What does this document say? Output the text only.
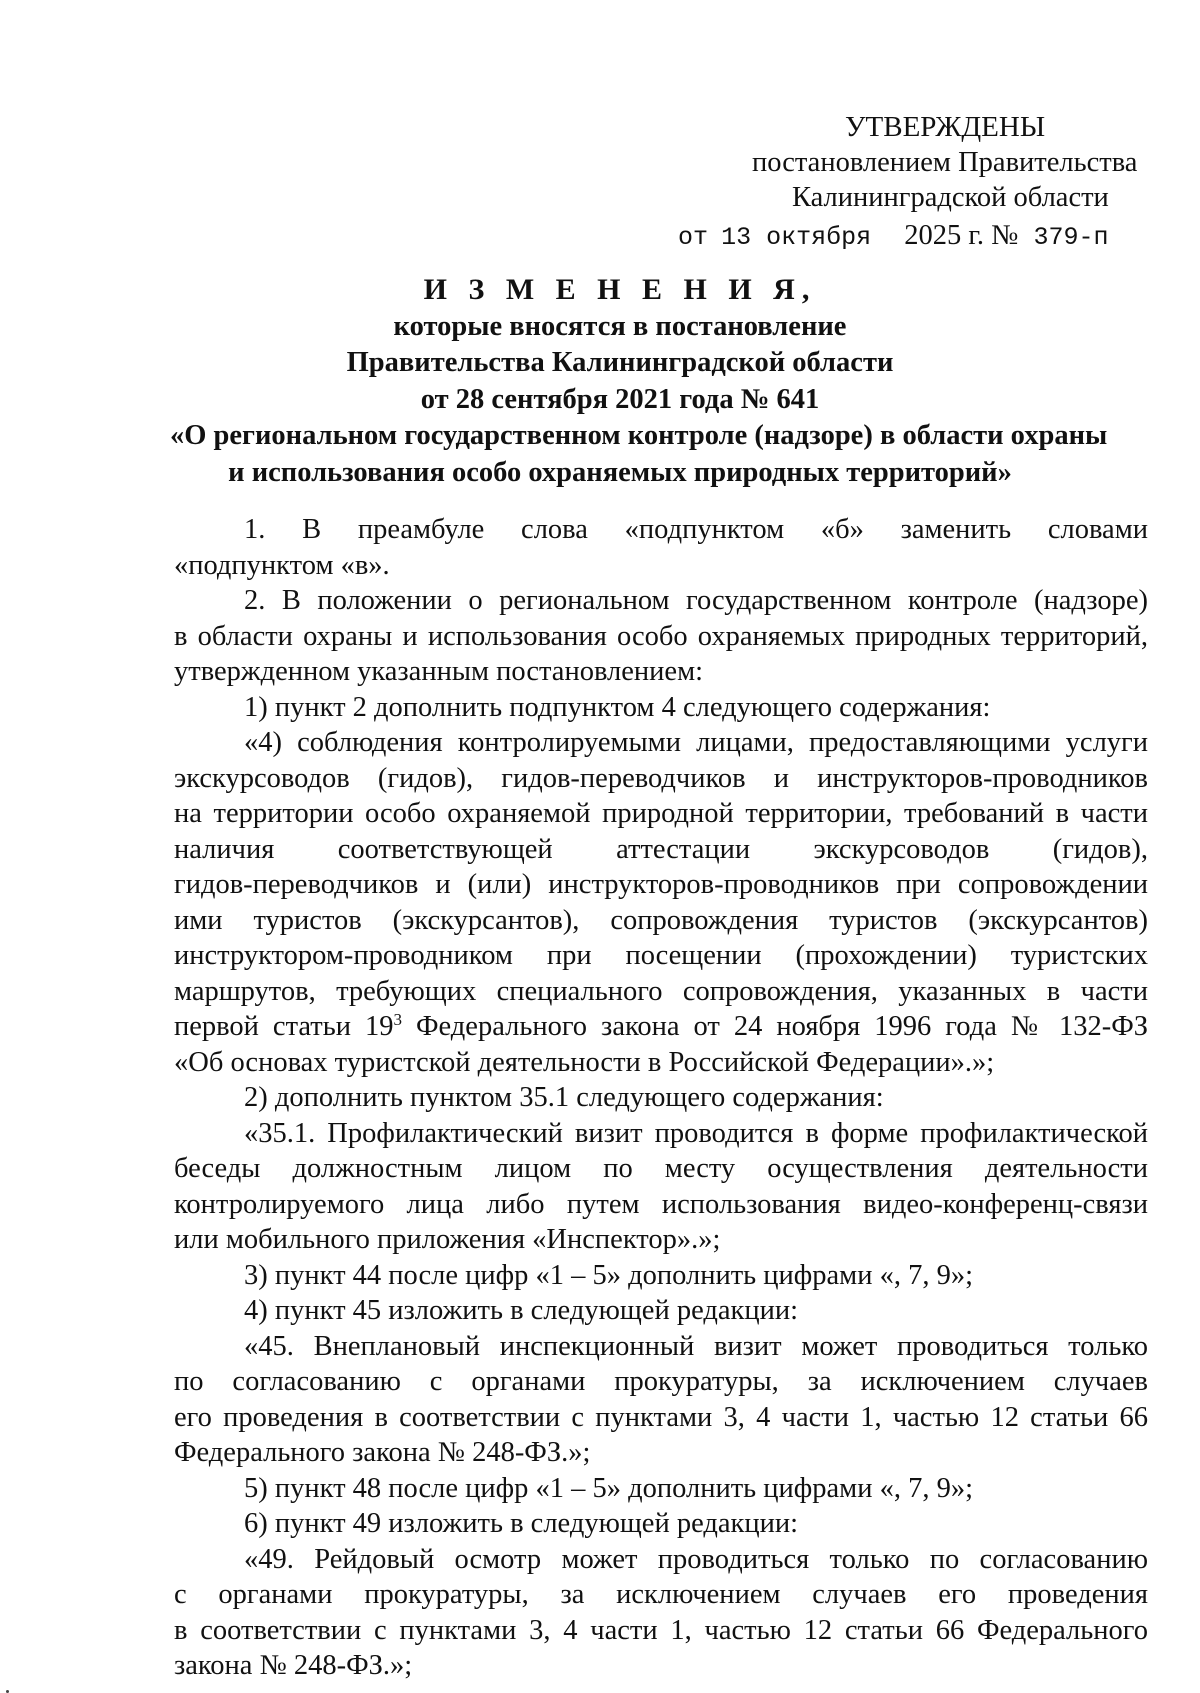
УТВЕРЖДЕНЫ
постановлением Правительства
Калининградской области
от 13 октября 2025 г. № 379-п
И З М Е Н Е Н И Я,
которые вносятся в постановление
Правительства Калининградской области
от 28 сентября 2021 года № 641
«О региональном государственном контроле (надзоре) в области охраны
и использования особо охраняемых природных территорий»
1. В преамбуле слова «подпунктом «б» заменить словами
«подпунктом «в».
2. В положении о региональном государственном контроле (надзоре)
в области охраны и использования особо охраняемых природных территорий,
утвержденном указанным постановлением:
1) пункт 2 дополнить подпунктом 4 следующего содержания:
«4) соблюдения контролируемыми лицами, предоставляющими услуги
экскурсоводов (гидов), гидов-переводчиков и инструкторов-проводников
на территории особо охраняемой природной территории, требований в части
наличия соответствующей аттестации экскурсоводов (гидов),
гидов-переводчиков и (или) инструкторов-проводников при сопровождении
ими туристов (экскурсантов), сопровождения туристов (экскурсантов)
инструктором-проводником при посещении (прохождении) туристских
маршрутов, требующих специального сопровождения, указанных в части
первой статьи $19^3$ Федерального закона от 24 ноября 1996 года № 132-ФЗ
«Об основах туристской деятельности в Российской Федерации».»;
2) дополнить пунктом 35.1 следующего содержания:
«35.1. Профилактический визит проводится в форме профилактической
беседы должностным лицом по месту осуществления деятельности
контролируемого лица либо путем использования видео-конференц-связи
или мобильного приложения «Инспектор».»;
3) пункт 44 после цифр «1 – 5» дополнить цифрами «, 7, 9»;
4) пункт 45 изложить в следующей редакции:
«45. Внеплановый инспекционный визит может проводиться только
по согласованию с органами прокуратуры, за исключением случаев
его проведения в соответствии с пунктами 3, 4 части 1, частью 12 статьи 66
Федерального закона № 248-ФЗ.»;
5) пункт 48 после цифр «1 – 5» дополнить цифрами «, 7, 9»;
6) пункт 49 изложить в следующей редакции:
«49. Рейдовый осмотр может проводиться только по согласованию
с органами прокуратуры, за исключением случаев его проведения
в соответствии с пунктами 3, 4 части 1, частью 12 статьи 66 Федерального
закона № 248-ФЗ.»;
